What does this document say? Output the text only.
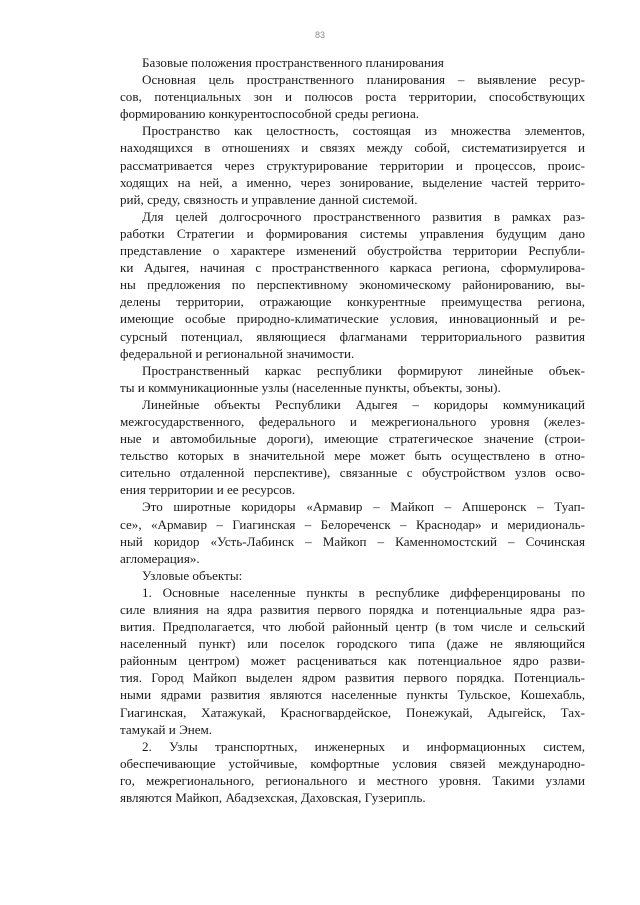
83
Базовые положения пространственного планирования
Основная цель пространственного планирования – выявление ресур-
сов, потенциальных зон и полюсов роста территории, способствующих
формированию конкурентоспособной среды региона.
Пространство как целостность, состоящая из множества элементов,
находящихся в отношениях и связях между собой, систематизируется и
рассматривается через структурирование территории и процессов, проис-
ходящих на ней, а именно, через зонирование, выделение частей террито-
рий, среду, связность и управление данной системой.
Для целей долгосрочного пространственного развития в рамках раз-
работки Стратегии и формирования системы управления будущим дано
представление о характере изменений обустройства территории Республи-
ки Адыгея, начиная с пространственного каркаса региона, сформулирова-
ны предложения по перспективному экономическому районированию, вы-
делены территории, отражающие конкурентные преимущества региона,
имеющие особые природно-климатические условия, инновационный и ре-
сурсный потенциал, являющиеся флагманами территориального развития
федеральной и региональной значимости.
Пространственный каркас республики формируют линейные объек-
ты и коммуникационные узлы (населенные пункты, объекты, зоны).
Линейные объекты Республики Адыгея – коридоры коммуникаций
межгосударственного, федерального и межрегионального уровня (желез-
ные и автомобильные дороги), имеющие стратегическое значение (строи-
тельство которых в значительной мере может быть осуществлено в отно-
сительно отдаленной перспективе), связанные с обустройством узлов осво-
ения территории и ее ресурсов.
Это широтные коридоры «Армавир – Майкоп – Апшеронск – Туап-
се», «Армавир – Гиагинская – Белореченск – Краснодар» и меридиональ-
ный коридор «Усть-Лабинск – Майкоп – Каменномостский – Сочинская
агломерация».
Узловые объекты:
1. Основные населенные пункты в республике дифференцированы по
силе влияния на ядра развития первого порядка и потенциальные ядра раз-
вития. Предполагается, что любой районный центр (в том числе и сельский
населенный пункт) или поселок городского типа (даже не являющийся
районным центром) может расцениваться как потенциальное ядро разви-
тия. Город Майкоп выделен ядром развития первого порядка. Потенциаль-
ными ядрами развития являются населенные пункты Тульское, Кошехабль,
Гиагинская, Хатажукай, Красногвардейское, Понежукай, Адыгейск, Тах-
тамукай и Энем.
2. Узлы транспортных, инженерных и информационных систем,
обеспечивающие устойчивые, комфортные условия связей международно-
го, межрегионального, регионального и местного уровня. Такими узлами
являются Майкоп, Абадзехская, Даховская, Гузерипль.
